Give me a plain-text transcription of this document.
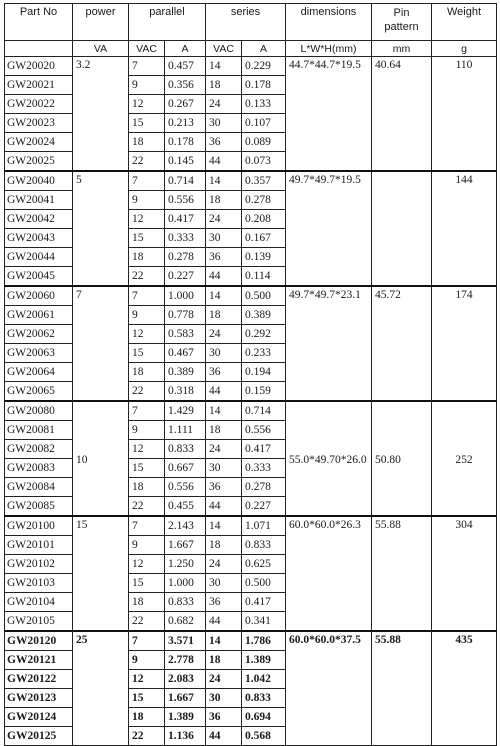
Part No	power	parallel		series		dimensions	Pin pattern	Weight
	VA	VAC	A	VAC	A	L*W*H(mm)	mm	g
GW20020	3.2	7	0.457	14	0.229	44.7*44.7*19.5	40.64	110
GW20021		9	0.356	18	0.178			
GW20022		12	0.267	24	0.133			
GW20023		15	0.213	30	0.107			
GW20024		18	0.178	36	0.089			
GW20025		22	0.145	44	0.073			
GW20040	5	7	0.714	14	0.357	49.7*49.7*19.5		144
GW20041		9	0.556	18	0.278			
GW20042		12	0.417	24	0.208			
GW20043		15	0.333	30	0.167			
GW20044		18	0.278	36	0.139			
GW20045		22	0.227	44	0.114			
GW20060	7	7	1.000	14	0.500	49.7*49.7*23.1	45.72	174
GW20061		9	0.778	18	0.389			
GW20062		12	0.583	24	0.292			
GW20063		15	0.467	30	0.233			
GW20064		18	0.389	36	0.194			
GW20065		22	0.318	44	0.159			
GW20080	10	7	1.429	14	0.714	55.0*49.70*26.0	50.80	252
GW20081		9	1.111	18	0.556			
GW20082		12	0.833	24	0.417			
GW20083		15	0.667	30	0.333			
GW20084		18	0.556	36	0.278			
GW20085		22	0.455	44	0.227			
GW20100	15	7	2.143	14	1.071	60.0*60.0*26.3	55.88	304
GW20101		9	1.667	18	0.833			
GW20102		12	1.250	24	0.625			
GW20103		15	1.000	30	0.500			
GW20104		18	0.833	36	0.417			
GW20105		22	0.682	44	0.341			
GW20120	25	7	3.571	14	1.786	60.0*60.0*37.5	55.88	435
GW20121		9	2.778	18	1.389			
GW20122		12	2.083	24	1.042			
GW20123		15	1.667	30	0.833			
GW20124		18	1.389	36	0.694			
GW20125		22	1.136	44	0.568			
